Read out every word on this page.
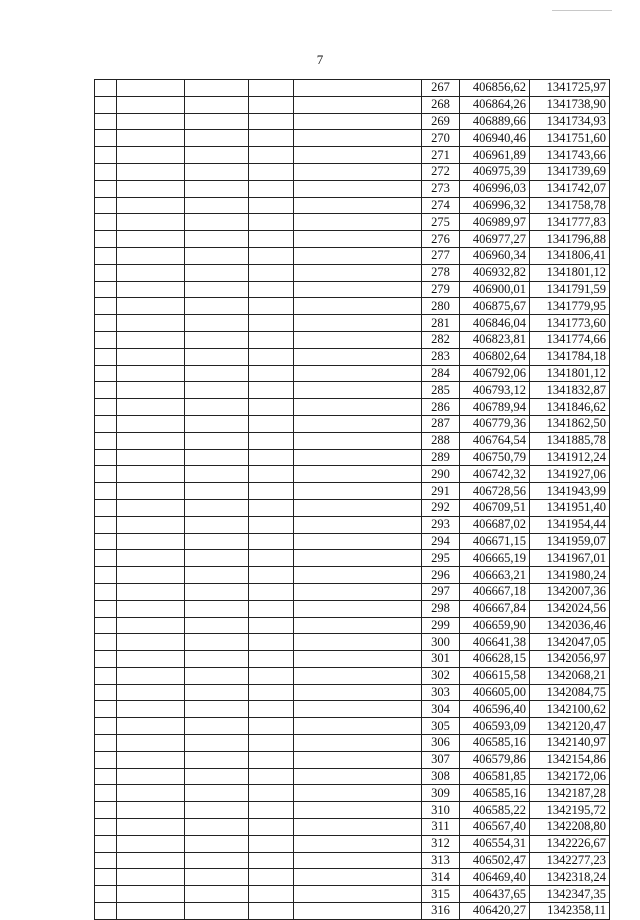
7
					267	406856,62	1341725,97
					268	406864,26	1341738,90
					269	406889,66	1341734,93
					270	406940,46	1341751,60
					271	406961,89	1341743,66
					272	406975,39	1341739,69
					273	406996,03	1341742,07
					274	406996,32	1341758,78
					275	406989,97	1341777,83
					276	406977,27	1341796,88
					277	406960,34	1341806,41
					278	406932,82	1341801,12
					279	406900,01	1341791,59
					280	406875,67	1341779,95
					281	406846,04	1341773,60
					282	406823,81	1341774,66
					283	406802,64	1341784,18
					284	406792,06	1341801,12
					285	406793,12	1341832,87
					286	406789,94	1341846,62
					287	406779,36	1341862,50
					288	406764,54	1341885,78
					289	406750,79	1341912,24
					290	406742,32	1341927,06
					291	406728,56	1341943,99
					292	406709,51	1341951,40
					293	406687,02	1341954,44
					294	406671,15	1341959,07
					295	406665,19	1341967,01
					296	406663,21	1341980,24
					297	406667,18	1342007,36
					298	406667,84	1342024,56
					299	406659,90	1342036,46
					300	406641,38	1342047,05
					301	406628,15	1342056,97
					302	406615,58	1342068,21
					303	406605,00	1342084,75
					304	406596,40	1342100,62
					305	406593,09	1342120,47
					306	406585,16	1342140,97
					307	406579,86	1342154,86
					308	406581,85	1342172,06
					309	406585,16	1342187,28
					310	406585,22	1342195,72
					311	406567,40	1342208,80
					312	406554,31	1342226,67
					313	406502,47	1342277,23
					314	406469,40	1342318,24
					315	406437,65	1342347,35
					316	406420,27	1342358,11
